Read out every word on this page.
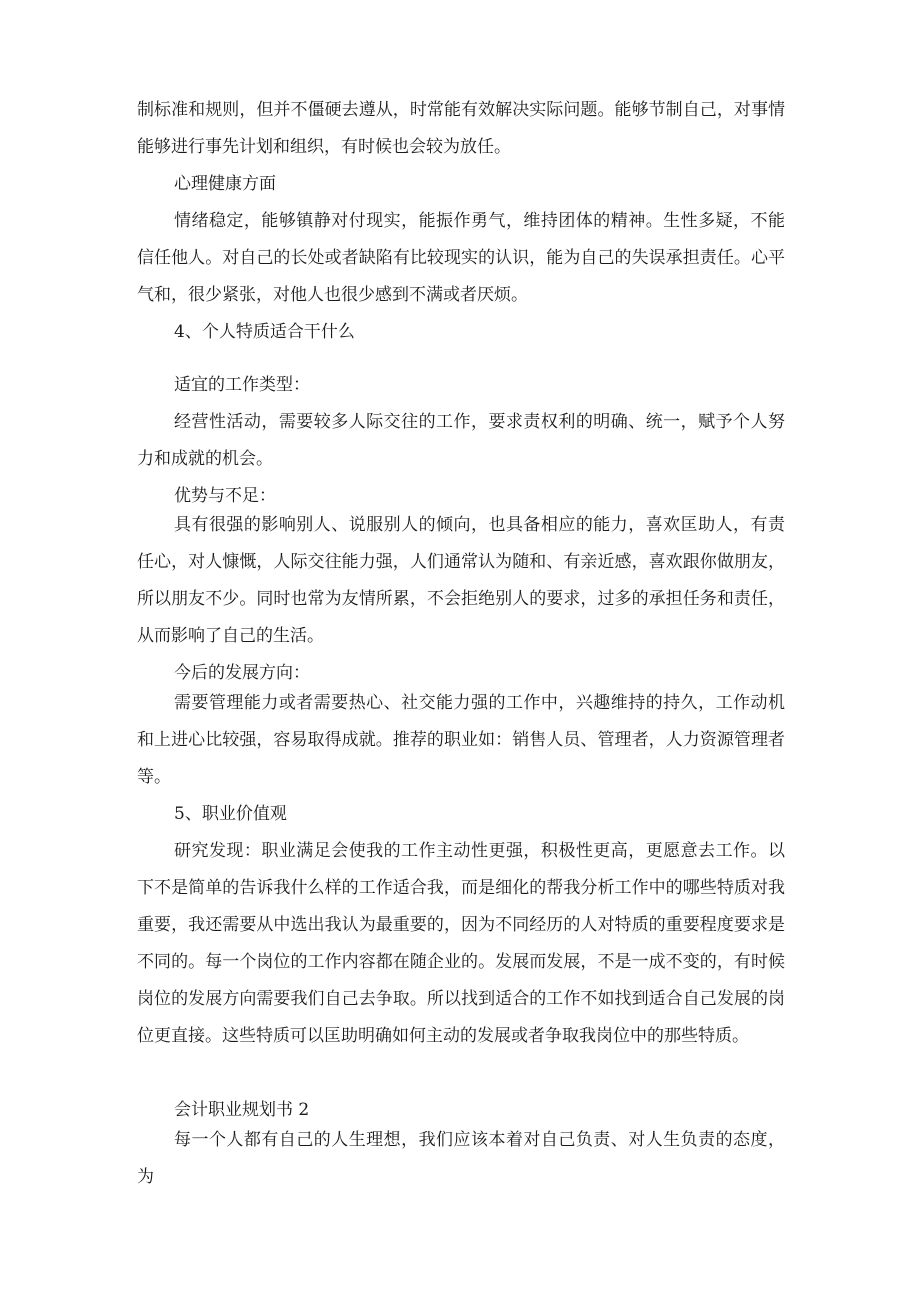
制标准和规则，但并不僵硬去遵从，时常能有效解决实际问题。能够节制自己，对事情能够进行事先计划和组织，有时候也会较为放任。

心理健康方面

情绪稳定，能够镇静对付现实，能振作勇气，维持团体的精神。生性多疑，不能信任他人。对自己的长处或者缺陷有比较现实的认识，能为自己的失误承担责任。心平气和，很少紧张，对他人也很少感到不满或者厌烦。

4、个人特质适合干什么

适宜的工作类型：

经营性活动，需要较多人际交往的工作，要求责权利的明确、统一，赋予个人努力和成就的机会。

优势与不足：

具有很强的影响别人、说服别人的倾向，也具备相应的能力，喜欢匡助人，有责任心，对人慷慨，人际交往能力强，人们通常认为随和、有亲近感，喜欢跟你做朋友，所以朋友不少。同时也常为友情所累，不会拒绝别人的要求，过多的承担任务和责任，从而影响了自己的生活。

今后的发展方向：

需要管理能力或者需要热心、社交能力强的工作中，兴趣维持的持久，工作动机和上进心比较强，容易取得成就。推荐的职业如：销售人员、管理者，人力资源管理者等。

5、职业价值观

研究发现：职业满足会使我的工作主动性更强，积极性更高，更愿意去工作。以下不是简单的告诉我什么样的工作适合我，而是细化的帮我分析工作中的哪些特质对我重要，我还需要从中选出我认为最重要的，因为不同经历的人对特质的重要程度要求是不同的。每一个岗位的工作内容都在随企业的。发展而发展，不是一成不变的，有时候岗位的发展方向需要我们自己去争取。所以找到适合的工作不如找到适合自己发展的岗位更直接。这些特质可以匡助明确如何主动的发展或者争取我岗位中的那些特质。

会计职业规划书 2

每一个人都有自己的人生理想，我们应该本着对自己负责、对人生负责的态度，为
